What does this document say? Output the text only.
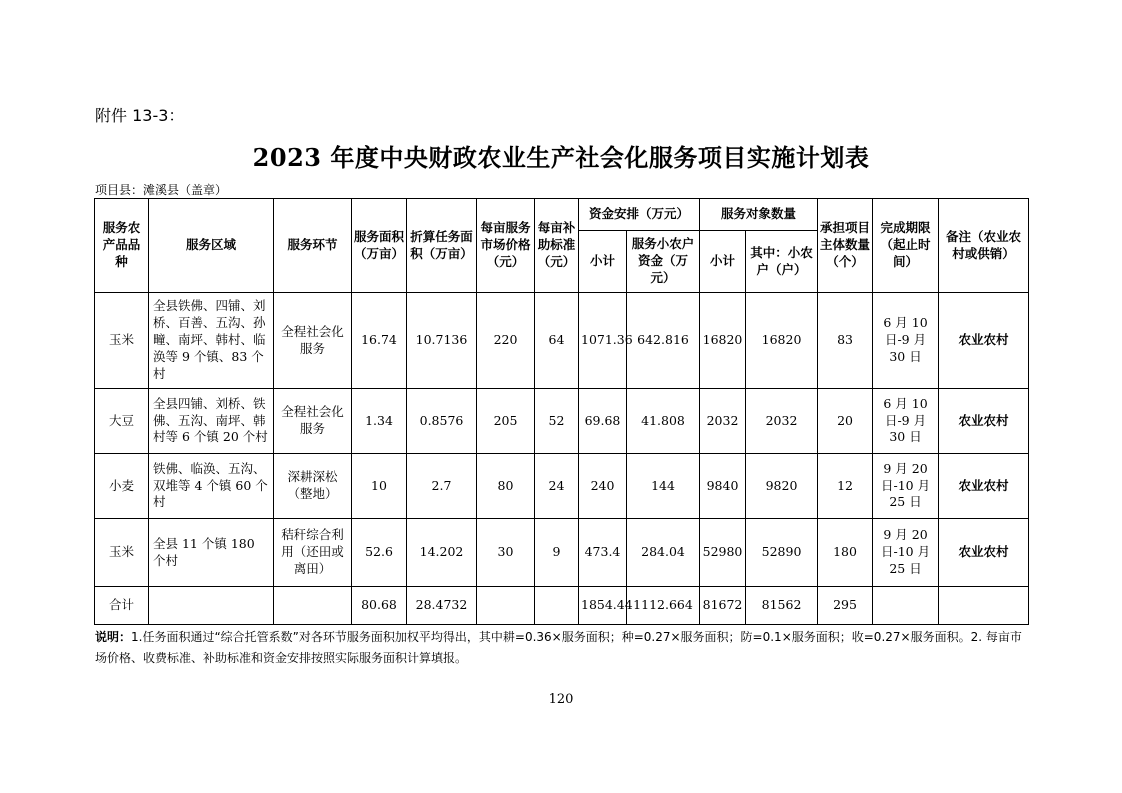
附件 13-3：
2023 年度中央财政农业生产社会化服务项目实施计划表
项目县：滩溪县（盖章）
服务农产品品种	服务区域	服务环节	服务面积（万亩）	折算任务面积（万亩）	每亩服务市场价格（元）	每亩补助标准（元）	资金安排（万元）		服务对象数量		承担项目主体数量（个）	完成期限（起止时间）	备注（农业农村或供销）
							小计	服务小农户资金（万元）	小计	其中：小农户（户）			
玉米	全县铁佛、四铺、刘桥、百善、五沟、孙疃、南坪、韩村、临涣等 9 个镇、83 个村	全程社会化服务	16.74	10.7136	220	64	1071.36	642.816	16820	16820	83	6 月 10 日-9 月 30 日	农业农村
大豆	全县四铺、刘桥、铁佛、五沟、南坪、韩村等 6 个镇 20 个村	全程社会化服务	1.34	0.8576	205	52	69.68	41.808	2032	2032	20	6 月 10 日-9 月 30 日	农业农村
小麦	铁佛、临涣、五沟、双堆等 4 个镇 60 个村	深耕深松（整地）	10	2.7	80	24	240	144	9840	9820	12	9 月 20 日-10 月 25 日	农业农村
玉米	全县 11 个镇 180 个村	秸秆综合利用（还田或离田）	52.6	14.202	30	9	473.4	284.04	52980	52890	180	9 月 20 日-10 月 25 日	农业农村
合计			80.68	28.4732			1854.44	1112.664	81672	81562	295		
说明：1.任务面积通过“综合托管系数”对各环节服务面积加权平均得出，其中耕=0.36×服务面积；种=0.27×服务面积；防=0.1×服务面积；收=0.27×服务面积。2. 每亩市场价格、收费标准、补助标准和资金安排按照实际服务面积计算填报。
120
